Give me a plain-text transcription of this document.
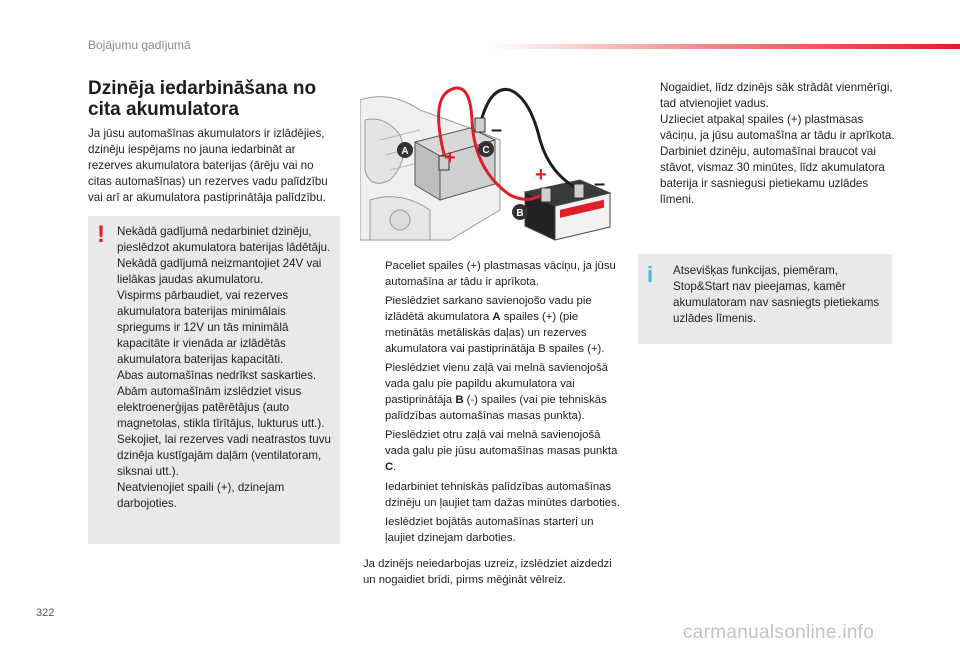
Bojājumu gadījumā
Dzinēja iedarbināšana no cita akumulatora

Ja jūsu automašīnas akumulators ir izlādējies, dzinēju iespējams no jauna iedarbināt ar rezerves akumulatora baterijas (ārēju vai no citas automašīnas) un rezerves vadu palīdzību vai arī ar akumulatora pastiprinātāja palīdzību.

! Nekādā gadījumā nedarbiniet dzinēju, pieslēdzot akumulatora baterijas lādētāju.
Nekādā gadījumā neizmantojiet 24V vai lielākas jaudas akumulatoru.
Vispirms pārbaudiet, vai rezerves akumulatora baterijas minimālais spriegums ir 12V un tās minimālā kapacitāte ir vienāda ar izlādētās akumulatora baterijas kapacitāti.
Abas automašīnas nedrīkst saskarties.
Abām automašīnām izslēdziet visus elektroenerģijas patērētājus (auto magnetolas, stikla tīrītājus, lukturus utt.).
Sekojiet, lai rezerves vadi neatrastos tuvu dzinēja kustīgajām daļām (ventilatoram, siksnai utt.).
Neatvienojiet spaili (+), dzinejam darbojoties.

A
B
C
+
+
–
–
Paceliet spailes (+) plastmasas vāciņu, ja jūsu automašīna ar tādu ir aprīkota.
Pieslēdziet sarkano savienojošo vadu pie izlādētā akumulatora A spailes (+) (pie metinātās metāliskās daļas) un rezerves akumulatora vai pastiprinātāja B spailes (+).
Pieslēdziet vienu zaļā vai melnā savienojošā vada galu pie papildu akumulatora vai pastiprinātāja B (-) spailes (vai pie tehniskās palīdzības automašīnas masas punkta).
Pieslēdziet otru zaļā vai melnā savienojošā vada galu pie jūsu automašīnas masas punkta C.
Iedarbiniet tehniskās palīdzības automašīnas dzinēju un ļaujiet tam dažas minūtes darboties.
Ieslēdziet bojātās automašīnas starteri un ļaujiet dzinejam darboties.

Ja dzinējs neiedarbojas uzreiz, izslēdziet aizdedzi un nogaidiet brīdi, pirms mēģināt vēlreiz.

Nogaidiet, līdz dzinējs sāk strādāt vienmērīgi, tad atvienojiet vadus.
Uzlieciet atpakaļ spailes (+) plastmasas vāciņu, ja jūsu automašīna ar tādu ir aprīkota.
Darbiniet dzinēju, automašīnai braucot vai stāvot, vismaz 30 minūtes, līdz akumulatora baterija ir sasniegusi pietiekamu uzlādes līmeni.
i Atsevišķas funkcijas, piemēram, Stop&Start nav pieejamas, kamēr akumulatoram nav sasniegts pietiekams uzlādes līmenis.

322
carmanualsonline.info
